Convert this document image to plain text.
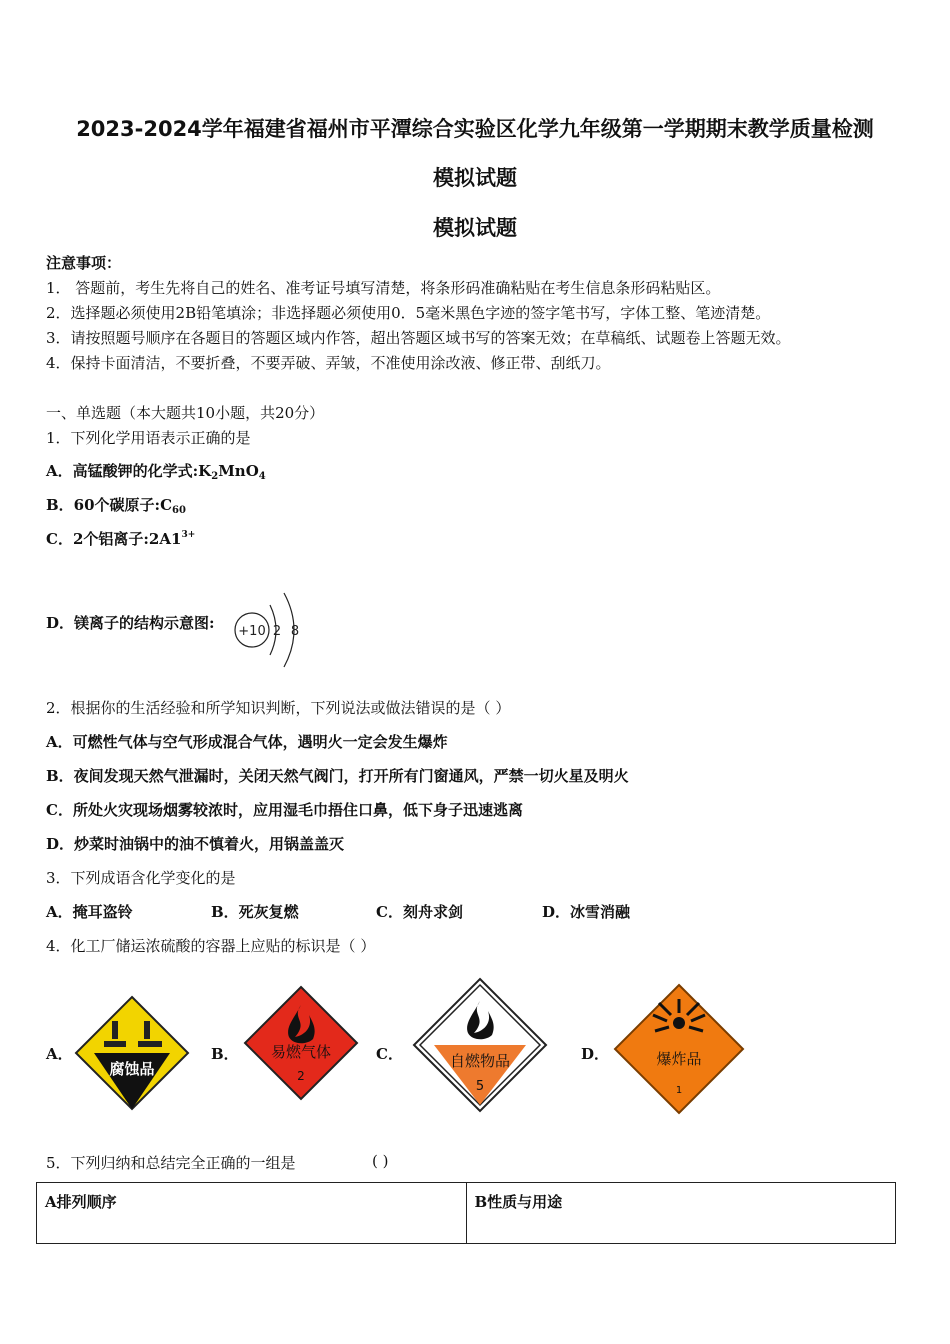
2023-2024学年福建省福州市平潭综合实验区化学九年级第一学期期末教学质量检测
模拟试题
模拟试题
注意事项：
1． 答题前，考生先将自己的姓名、准考证号填写清楚，将条形码准确粘贴在考生信息条形码粘贴区。
2．选择题必须使用2B铅笔填涂；非选择题必须使用0．5毫米黑色字迹的签字笔书写，字体工整、笔迹清楚。
3．请按照题号顺序在各题目的答题区域内作答，超出答题区域书写的答案无效；在草稿纸、试题卷上答题无效。
4．保持卡面清洁，不要折叠，不要弄破、弄皱，不准使用涂改液、修正带、刮纸刀。
一、单选题（本大题共10小题，共20分）
1．下列化学用语表示正确的是
A．高锰酸钾的化学式$:K_2MnO_4$
B．60个碳原子$:C_{60}$
C．2个铝离子$:2A1^{3+}$
D．镁离子的结构示意图: +10 2 8
2．根据你的生活经验和所学知识判断，下列说法或做法错误的是（ ）
A．可燃性气体与空气形成混合气体，遇明火一定会发生爆炸
B．夜间发现天然气泄漏时，关闭天然气阀门，打开所有门窗通风，严禁一切火星及明火
C．所处火灾现场烟雾较浓时，应用湿毛巾捂住口鼻，低下身子迅速逃离
D．炒菜时油锅中的油不慎着火，用锅盖盖灭
3．下列成语含化学变化的是
A．掩耳盗铃	B．死灰复燃	C．刻舟求剑	D．冰雪消融
4．化工厂储运浓硫酸的容器上应贴的标识是（ ）
A．	B．	C．	D．
腐蚀品
易燃气体
2
自燃物品
5
爆炸品
1
5．下列归纳和总结完全正确的一组是	( )
A排列顺序	B性质与用途
